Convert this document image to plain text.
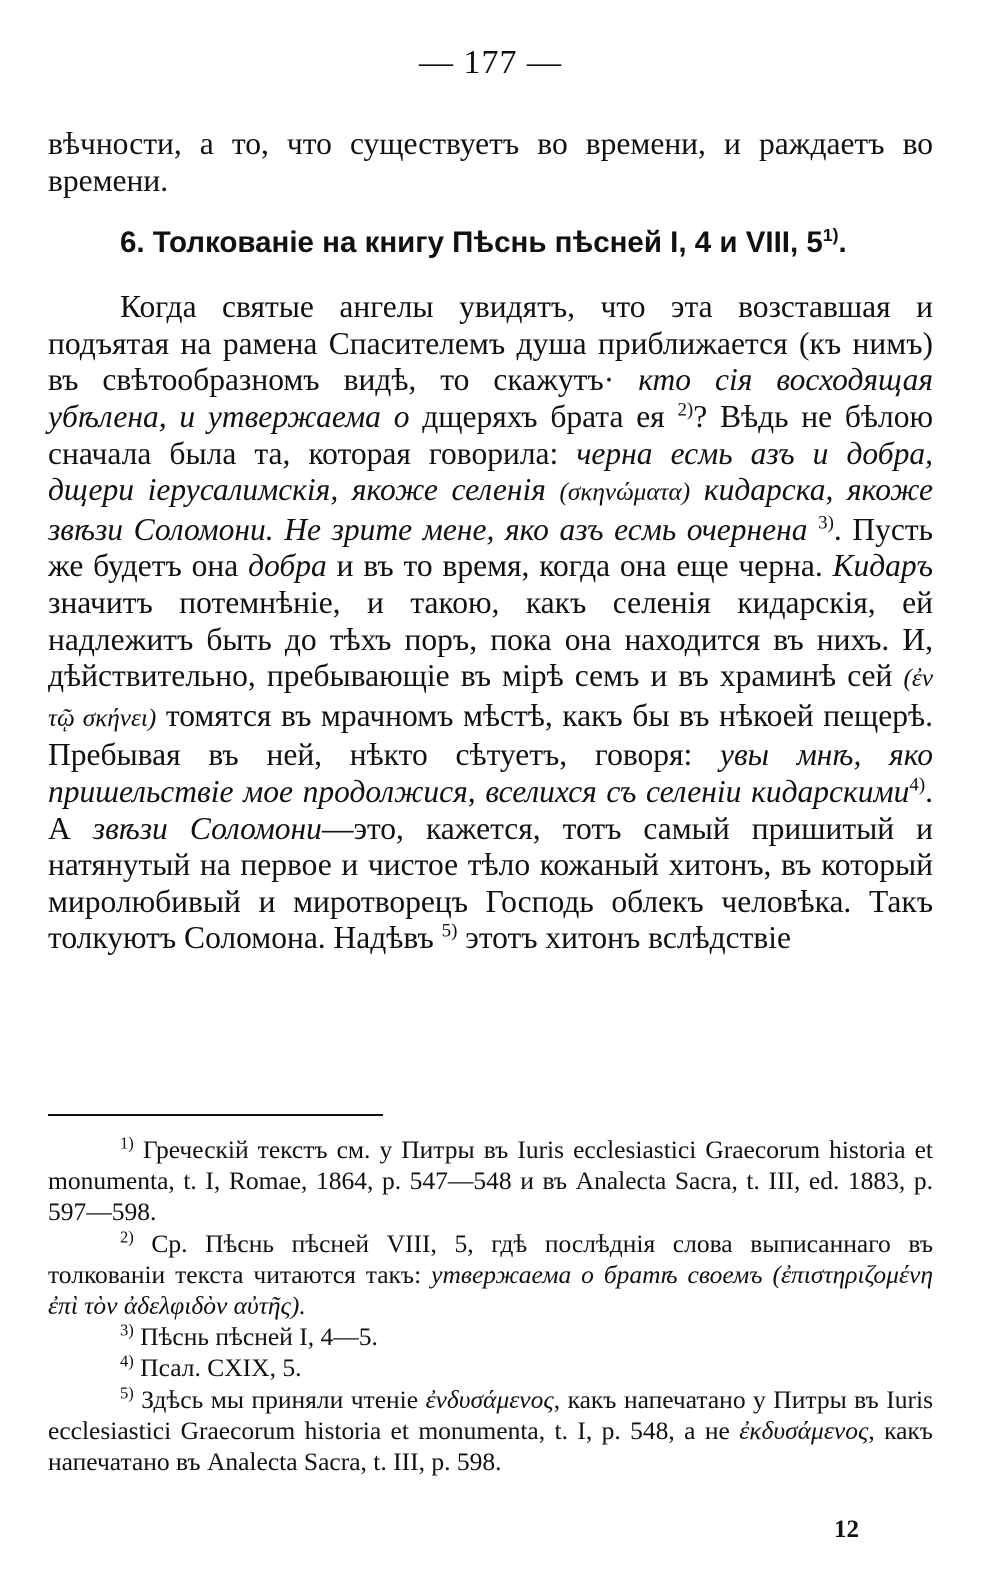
— 177 —

вѣчности, а то, что существуетъ во времени, и раждаетъ во времени.

6. Толкованіе на книгу Пѣснь пѣсней I, 4 и VIII, 5$^{1)}$.

Когда святые ангелы увидятъ, что эта возставшая и подъятая на рамена Спасителемъ душа приближается (къ нимъ) въ свѣтообразномъ видѣ, то скажутъ· кто сія восходящая убѣлена, и утвержаема о дщеряхъ брата ея $^{2)}$? Вѣдь не бѣлою сначала была та, которая говорила: черна есмь азъ и добра, дщери іерусалимскія, якоже селенія (σκηνώματα) кидарска, якоже звѣзи Соломони. Не зрите мене, яко азъ есмь очернена $^{3)}$. Пусть же будетъ она добра и въ то время, когда она еще черна. Кидаръ значитъ потемнѣніе, и такою, какъ селенія кидарскія, ей надлежитъ быть до тѣхъ поръ, пока она находится въ нихъ. И, дѣйствительно, пребывающіе въ мірѣ семъ и въ храминѣ сей (ἐν τῷ σκήνει) томятся въ мрачномъ мѣстѣ, какъ бы въ нѣкоей пещерѣ. Пребывая въ ней, нѣкто сѣтуетъ, говоря: увы мнѣ, яко пришельствіе мое продолжися, вселихся съ селеніи кидарскими$^{4)}$. А звѣзи Соломони—это, кажется, тотъ самый пришитый и натянутый на первое и чистое тѣло кожаный хитонъ, въ который миролюбивый и миротворецъ Господь облекъ человѣка. Такъ толкуютъ Соломона. Надѣвъ $^{5)}$ этотъ хитонъ вслѣдствіе

$^{1)}$ Греческій текстъ см. у Питры въ Iuris ecclesiastici Graecorum historia et monumenta, t. I, Romae, 1864, p. 547—548 и въ Analecta Sacra, t. III, ed. 1883, p. 597—598.

$^{2)}$ Ср. Пѣснь пѣсней VIII, 5, гдѣ послѣднія слова выписаннаго въ толкованіи текста читаются такъ: утвержаема о братѣ своемъ (ἐπιστηριζομένη ἐπὶ τὸν ἀδελφιδὸν αὐτῆς).

$^{3)}$ Пѣснь пѣсней I, 4—5.

$^{4)}$ Псал. CXIX, 5.

$^{5)}$ Здѣсь мы приняли чтеніе ἐνδυσάμενος, какъ напечатано у Питры въ Iuris ecclesiastici Graecorum historia et monumenta, t. I, p. 548, а не ἐκδυσάμενος, какъ напечатано въ Analecta Sacra, t. III, p. 598.

12
